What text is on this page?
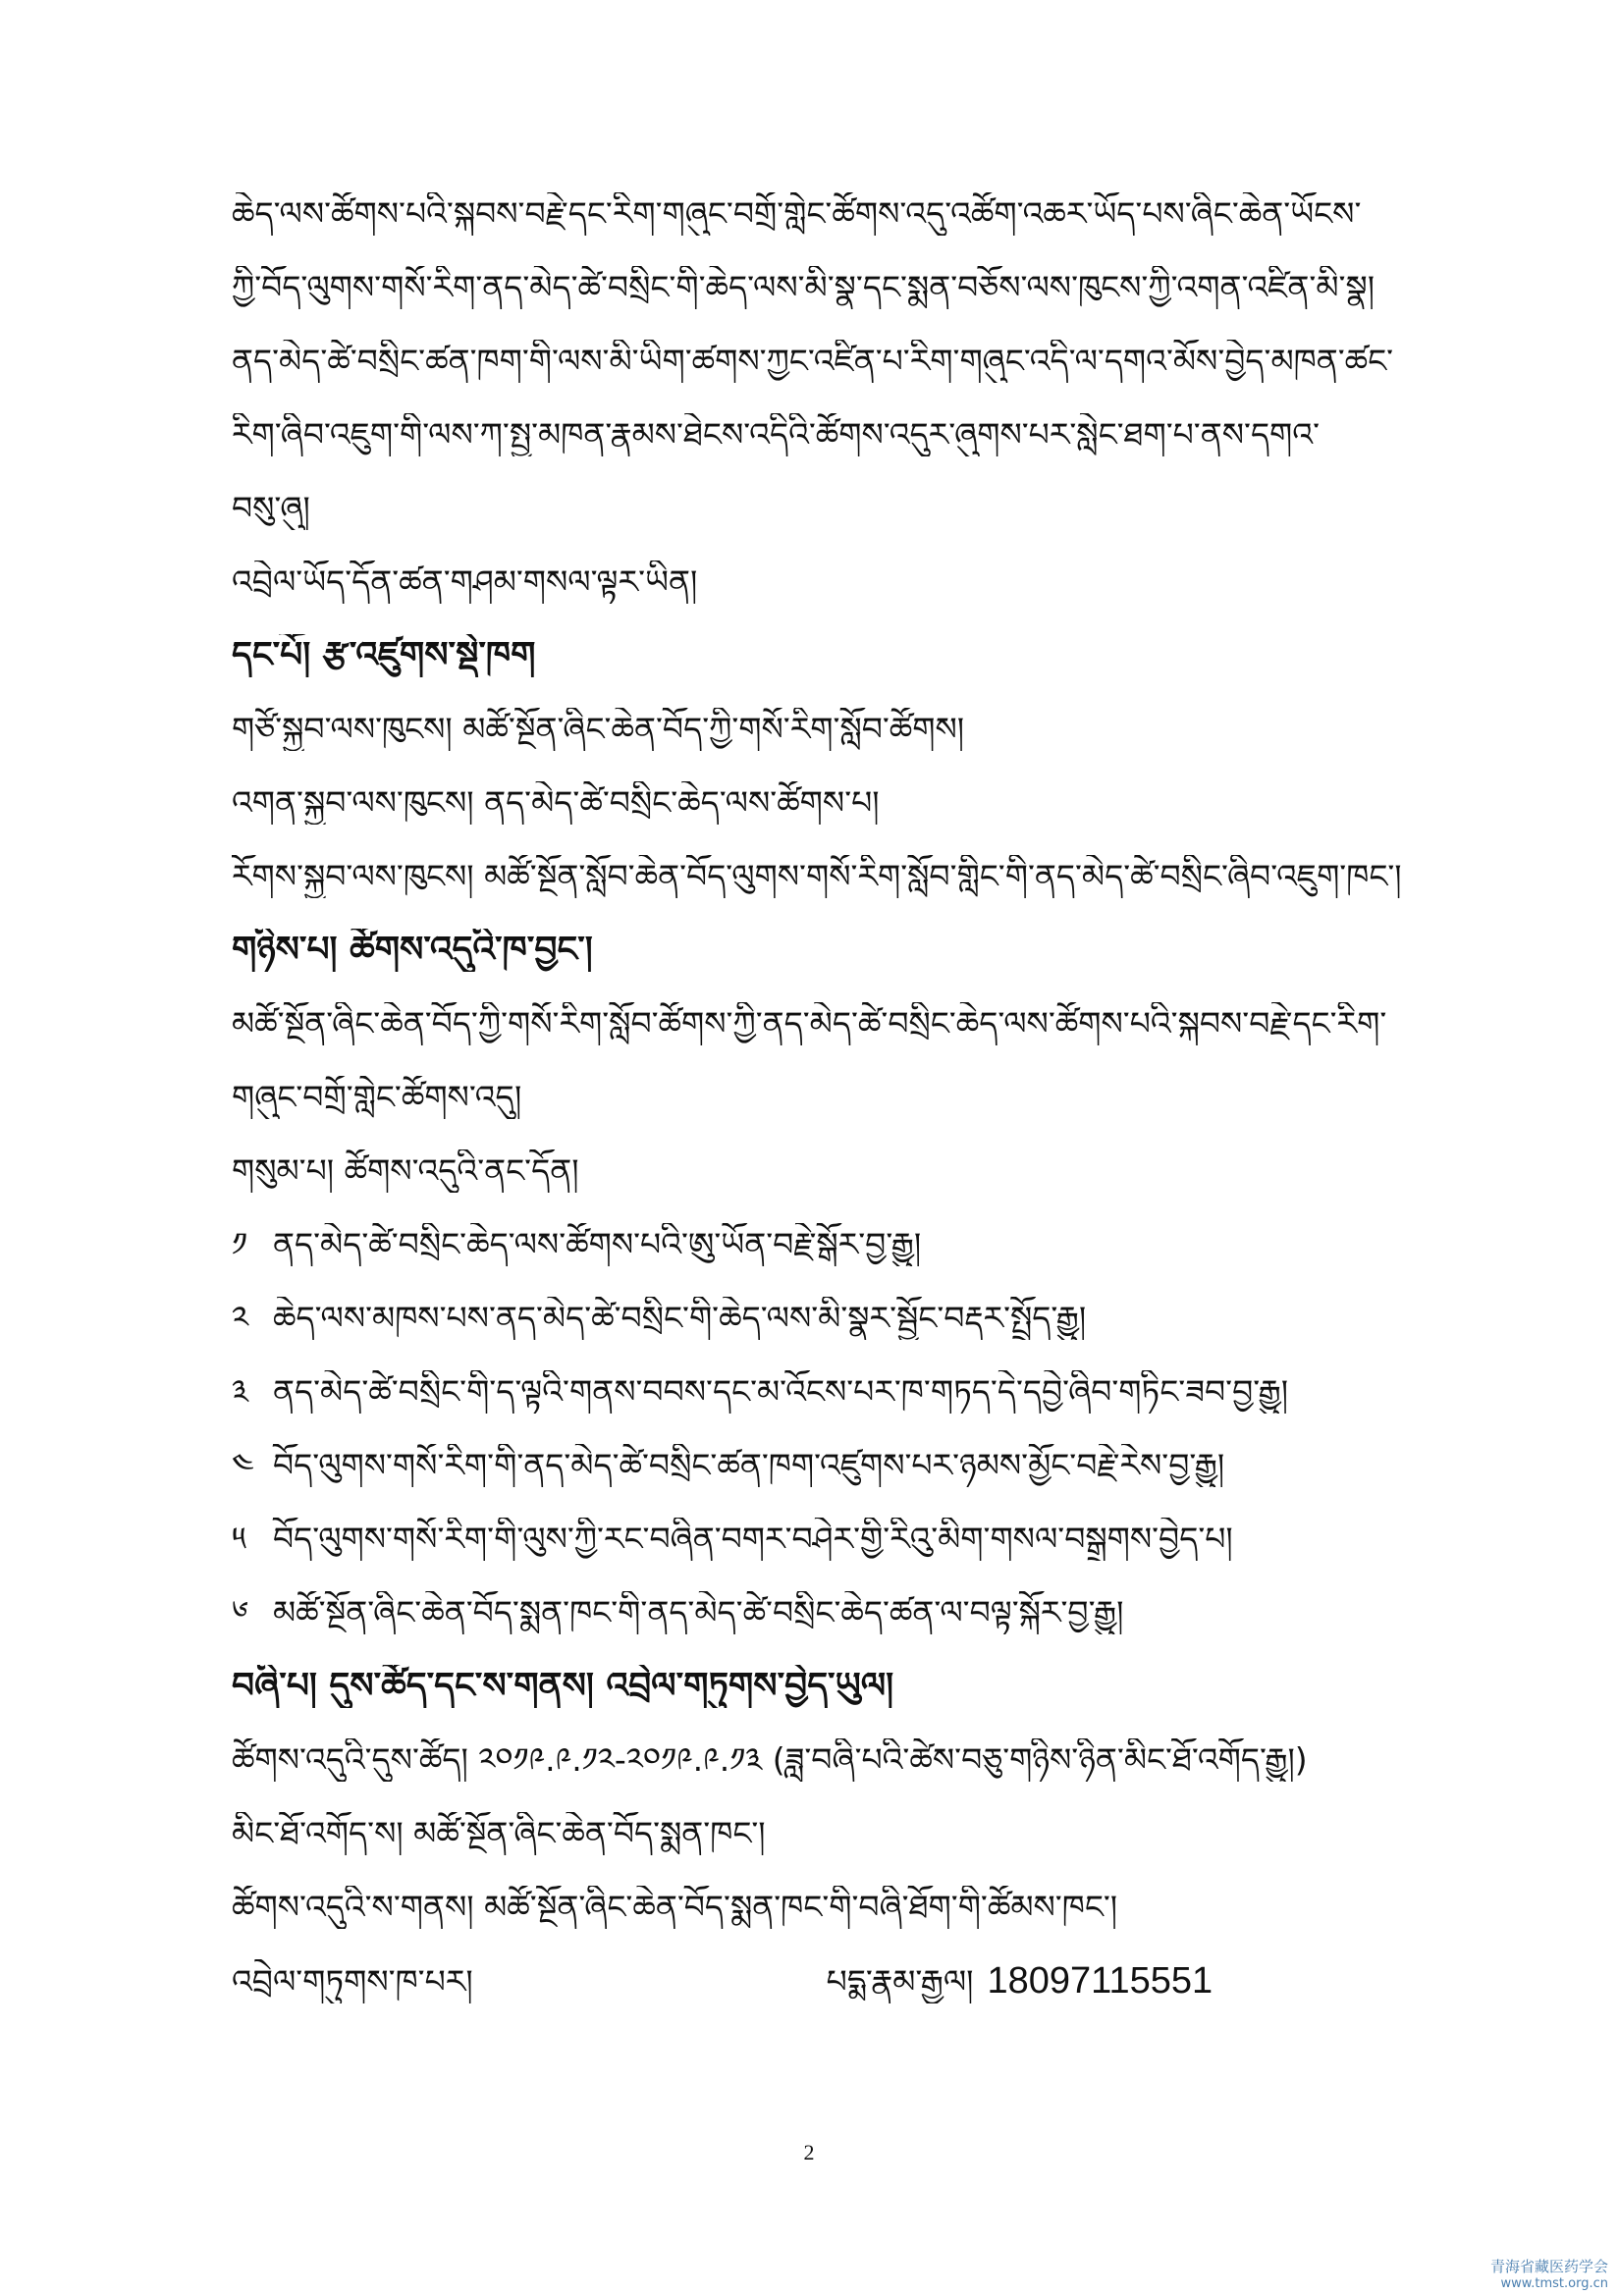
ཆེད་ལས་ཚོགས་པའི་སྐབས་བརྗེ་དང་རིག་གཞུང་བགྲོ་གླེང་ཚོགས་འདུ་འཚོག་འཆར་ཡོད་པས་ཞིང་ཆེན་ཡོངས་
ཀྱི་བོད་ལུགས་གསོ་རིག་ནད་མེད་ཚེ་བསྲིང་གི་ཆེད་ལས་མི་སྣ་དང་སྨན་བཅོས་ལས་ཁུངས་ཀྱི་འགན་འཛིན་མི་སྣ།
ནད་མེད་ཚེ་བསྲིང་ཚན་ཁག་གི་ལས་མི་ཡིག་ཚགས་ཀྱང་འཛིན་པ་རིག་གཞུང་འདི་ལ་དགའ་མོས་བྱེད་མཁན་ཚང་
རིག་ཞིབ་འཇུག་གི་ལས་ཀ་སྤྱ་མཁན་རྣམས་ཐེངས་འདིའི་ཚོགས་འདུར་ཞུགས་པར་སླེང་ཐག་པ་ནས་དགའ་
བསུ་ཞུ།
འབྲེལ་ཡོད་དོན་ཚན་གཤམ་གསལ་ལྟར་ཡིན།
དང་པོ། རྩ་འཛུགས་སྡེ་ཁག
གཙོ་སྐྱབ་ལས་ཁུངས། མཚོ་སྔོན་ཞིང་ཆེན་བོད་ཀྱི་གསོ་རིག་སློབ་ཚོགས།
འགན་སྐྱབ་ལས་ཁུངས། ནད་མེད་ཚེ་བསྲིང་ཆེད་ལས་ཚོགས་པ།
རོགས་སྐྱབ་ལས་ཁུངས། མཚོ་སྔོན་སློབ་ཆེན་བོད་ལུགས་གསོ་རིག་སློབ་གླིང་གི་ནད་མེད་ཚེ་བསྲིང་ཞིབ་འཇུག་ཁང་།
གཉིས་པ། ཚོགས་འདུའི་ཁ་བྱང་།
མཚོ་སྔོན་ཞིང་ཆེན་བོད་ཀྱི་གསོ་རིག་སློབ་ཚོགས་ཀྱི་ནད་མེད་ཚེ་བསྲིང་ཆེད་ལས་ཚོགས་པའི་སྐབས་བརྗེ་དང་རིག་
གཞུང་བགྲོ་གླེང་ཚོགས་འདུ།
གསུམ་པ། ཚོགས་འདུའི་ནང་དོན།
༡ ནད་མེད་ཚེ་བསྲིང་ཆེད་ལས་ཚོགས་པའི་ཨུ་ཡོན་བརྗེ་སྒོར་བྱ་རྒྱུ།
༢ ཆེད་ལས་མཁས་པས་ནད་མེད་ཚེ་བསྲིང་གི་ཆེད་ལས་མི་སྣར་སྦྱོང་བརྡར་སྤྲོད་རྒྱུ།
༣ ནད་མེད་ཚེ་བསྲིང་གི་ད་ལྟའི་གནས་བབས་དང་མ་འོངས་པར་ཁ་གཏད་དེ་དབྱེ་ཞིབ་གཏིང་ཟབ་བྱ་རྒྱུ།
༤ བོད་ལུགས་གསོ་རིག་གི་ནད་མེད་ཚེ་བསྲིང་ཚན་ཁག་འཛུགས་པར་ཉམས་མྱོང་བརྗེ་རེས་བྱ་རྒྱུ།
༥ བོད་ལུགས་གསོ་རིག་གི་ལུས་ཀྱི་རང་བཞིན་བགར་བཤེར་གྱི་རིའུ་མིག་གསལ་བསྒྲགས་བྱེད་པ།
༦ མཚོ་སྔོན་ཞིང་ཆེན་བོད་སྨན་ཁང་གི་ནད་མེད་ཚེ་བསྲིང་ཆེད་ཚན་ལ་བལྟ་སྐོར་བྱ་རྒྱུ།
བཞི་པ། དུས་ཚོད་དང་ས་གནས། འབྲེལ་གཏུགས་བྱེད་ཡུལ།
ཚོགས་འདུའི་དུས་ཚོད། ༢༠༡༩.༩.༡༢-༢༠༡༩.༩.༡༣ (ཟླ་བཞི་པའི་ཚེས་བཅུ་གཉིས་ཉིན་མིང་ཐོ་འགོད་རྒྱུ།)
མིང་ཐོ་འགོད་ས། མཚོ་སྔོན་ཞིང་ཆེན་བོད་སྨན་ཁང་།
ཚོགས་འདུའི་ས་གནས། མཚོ་སྔོན་ཞིང་ཆེན་བོད་སྨན་ཁང་གི་བཞི་ཐོག་གི་ཚོམས་ཁང་།
འབྲེལ་གཏུགས་ཁ་པར།	པདྨ་རྣམ་རྒྱལ། 18097115551
2
青海省藏医药学会
www.tmst.org.cn
